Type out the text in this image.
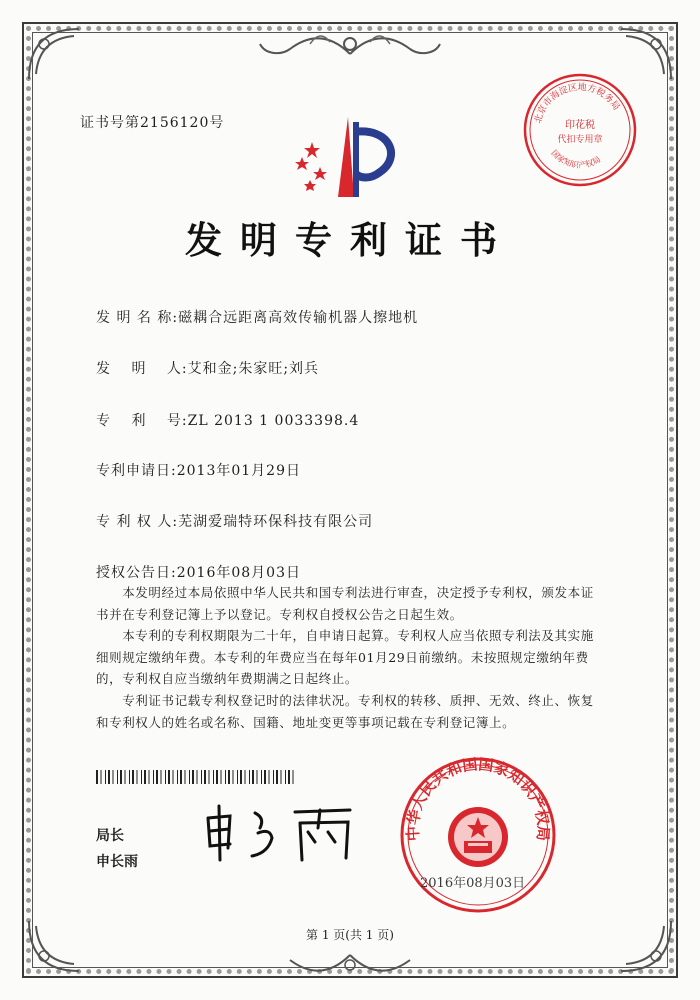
证书号第2156120号	北京市海淀区地方税务局
印花税
代扣专用章
国家知识产权局
发明专利证书
发 明 名 称:磁耦合远距离高效传输机器人擦地机
发　 明　 人:艾和金;朱家旺;刘兵
专　 利　 号:ZL 2013 1 0033398.4
专利申请日:2013年01月29日
专 利 权 人:芜湖爱瑞特环保科技有限公司
授权公告日:2016年08月03日

　　本发明经过本局依照中华人民共和国专利法进行审查，决定授予专利权，颁发本证书并在专利登记簿上予以登记。专利权自授权公告之日起生效。

　　本专利的专利权期限为二十年，自申请日起算。专利权人应当依照专利法及其实施细则规定缴纳年费。本专利的年费应当在每年01月29日前缴纳。未按照规定缴纳年费的，专利权自应当缴纳年费期满之日起终止。

　　专利证书记载专利权登记时的法律状况。专利权的转移、质押、无效、终止、恢复和专利权人的姓名或名称、国籍、地址变更等事项记载在专利登记簿上。

局长
申长雨
中华人民共和国国家知识产权局
2016年08月03日
第 1 页(共 1 页)
